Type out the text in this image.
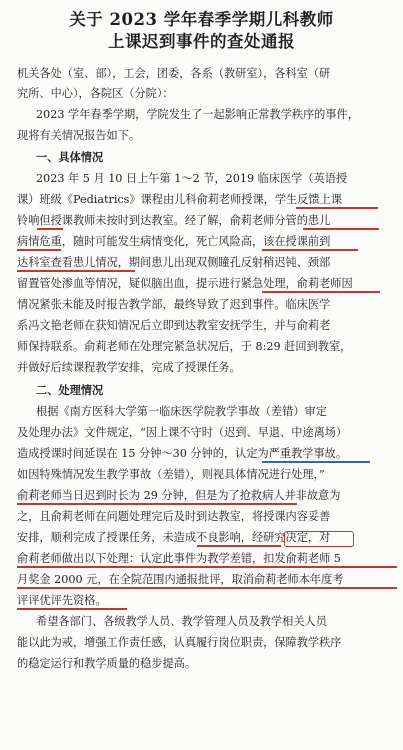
关于 2023 学年春季学期儿科教师
上课迟到事件的查处通报
机关各处（室、部），工会，团委，各系（教研室），各科室（研
究所、中心），各院区（分院）：
2023 学年春季学期，学院发生了一起影响正常教学秩序的事件，
现将有关情况报告如下。
一、具体情况
2023 年 5 月 10 日上午第 1～2 节，2019 临床医学（英语授
课）班级《Pediatrics》课程由儿科俞莉老师授课，学生反馈上课
铃响但授课教师未按时到达教室。经了解，俞莉老师分管的患儿
病情危重，随时可能发生病情变化，死亡风险高，该在授课前到
达科室查看患儿情况，期间患儿出现双侧瞳孔反射稍迟钝、颈部
留置管处渗血等情况，疑似脑出血，提示进行紧急处理，俞莉老师因
情况紧张未能及时报告教学部，最终导致了迟到事件。临床医学
系冯文艳老师在获知情况后立即到达教室安抚学生，并与俞莉老
师保持联系。俞莉老师在处理完紧急状况后，于 8:29 赶回到教室，
并做好后续课程教学安排，完成了授课任务。
二、处理情况
根据《南方医科大学第一临床医学院教学事故（差错）审定
及处理办法》文件规定，“因上课不守时（迟到、早退、中途离场）
造成授课时间延误在 15 分钟～30 分钟的，认定为严重教学事故。
如因特殊情况发生教学事故（差错），则视具体情况进行处理，”
俞莉老师当日迟到时长为 29 分钟，但是为了抢救病人并非故意为
之，且俞莉老师在问题处理完后及时到达教室，将授课内容妥善
安排，顺利完成了授课任务，未造成不良影响，经研究决定，对
俞莉老师做出以下处理：认定此事件为教学差错，扣发俞莉老师 5
月奖金 2000 元，在全院范围内通报批评，取消俞莉老师本年度考
评评优评先资格。
希望各部门、各级教学人员、教学管理人员及教学相关人员
能以此为戒，增强工作责任感，认真履行岗位职责，保障教学秩序
的稳定运行和教学质量的稳步提高。
